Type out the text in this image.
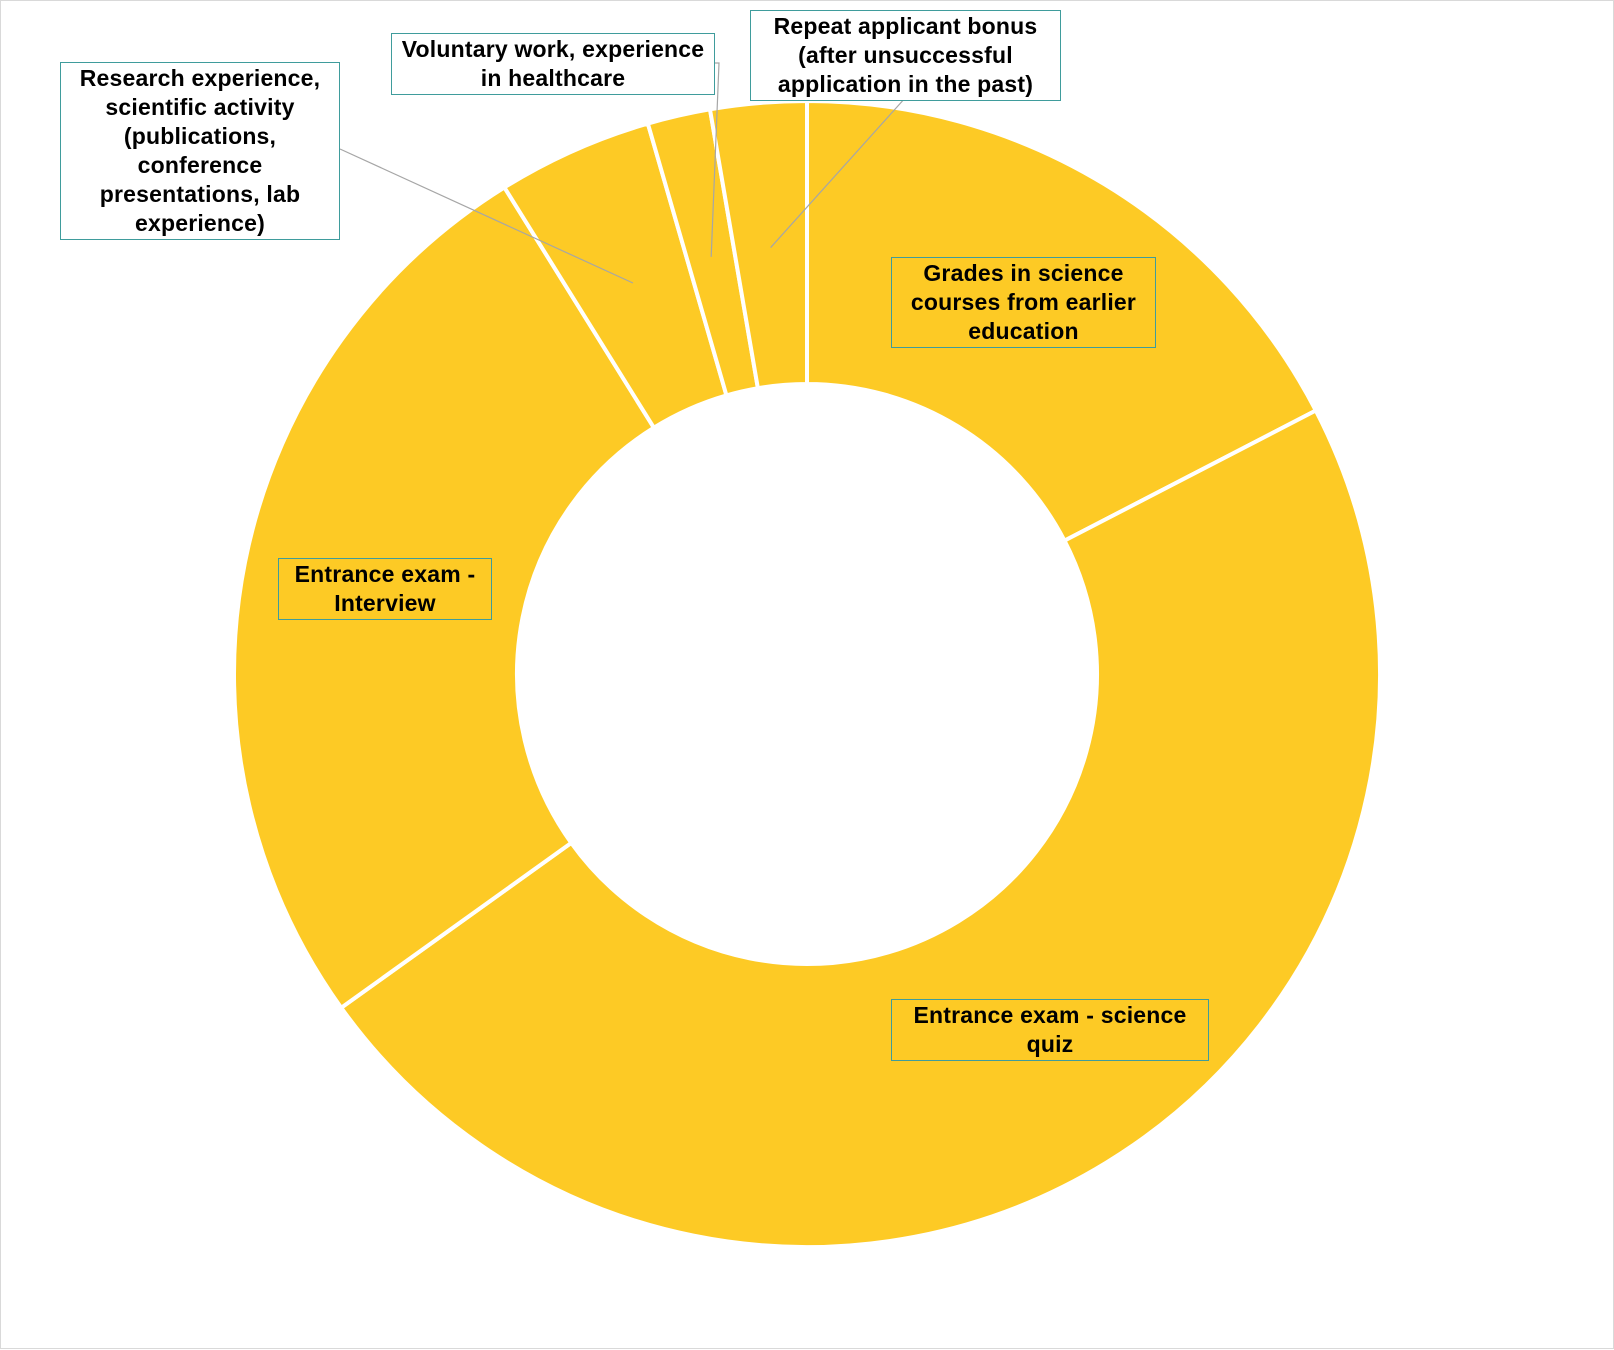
Grades in science courses from earlier education
Entrance exam - science quiz
Entrance exam - Interview
Research experience, scientific activity (publications, conference presentations, lab experience)
Voluntary work, experience in healthcare
Repeat applicant bonus (after unsuccessful application in the past)
